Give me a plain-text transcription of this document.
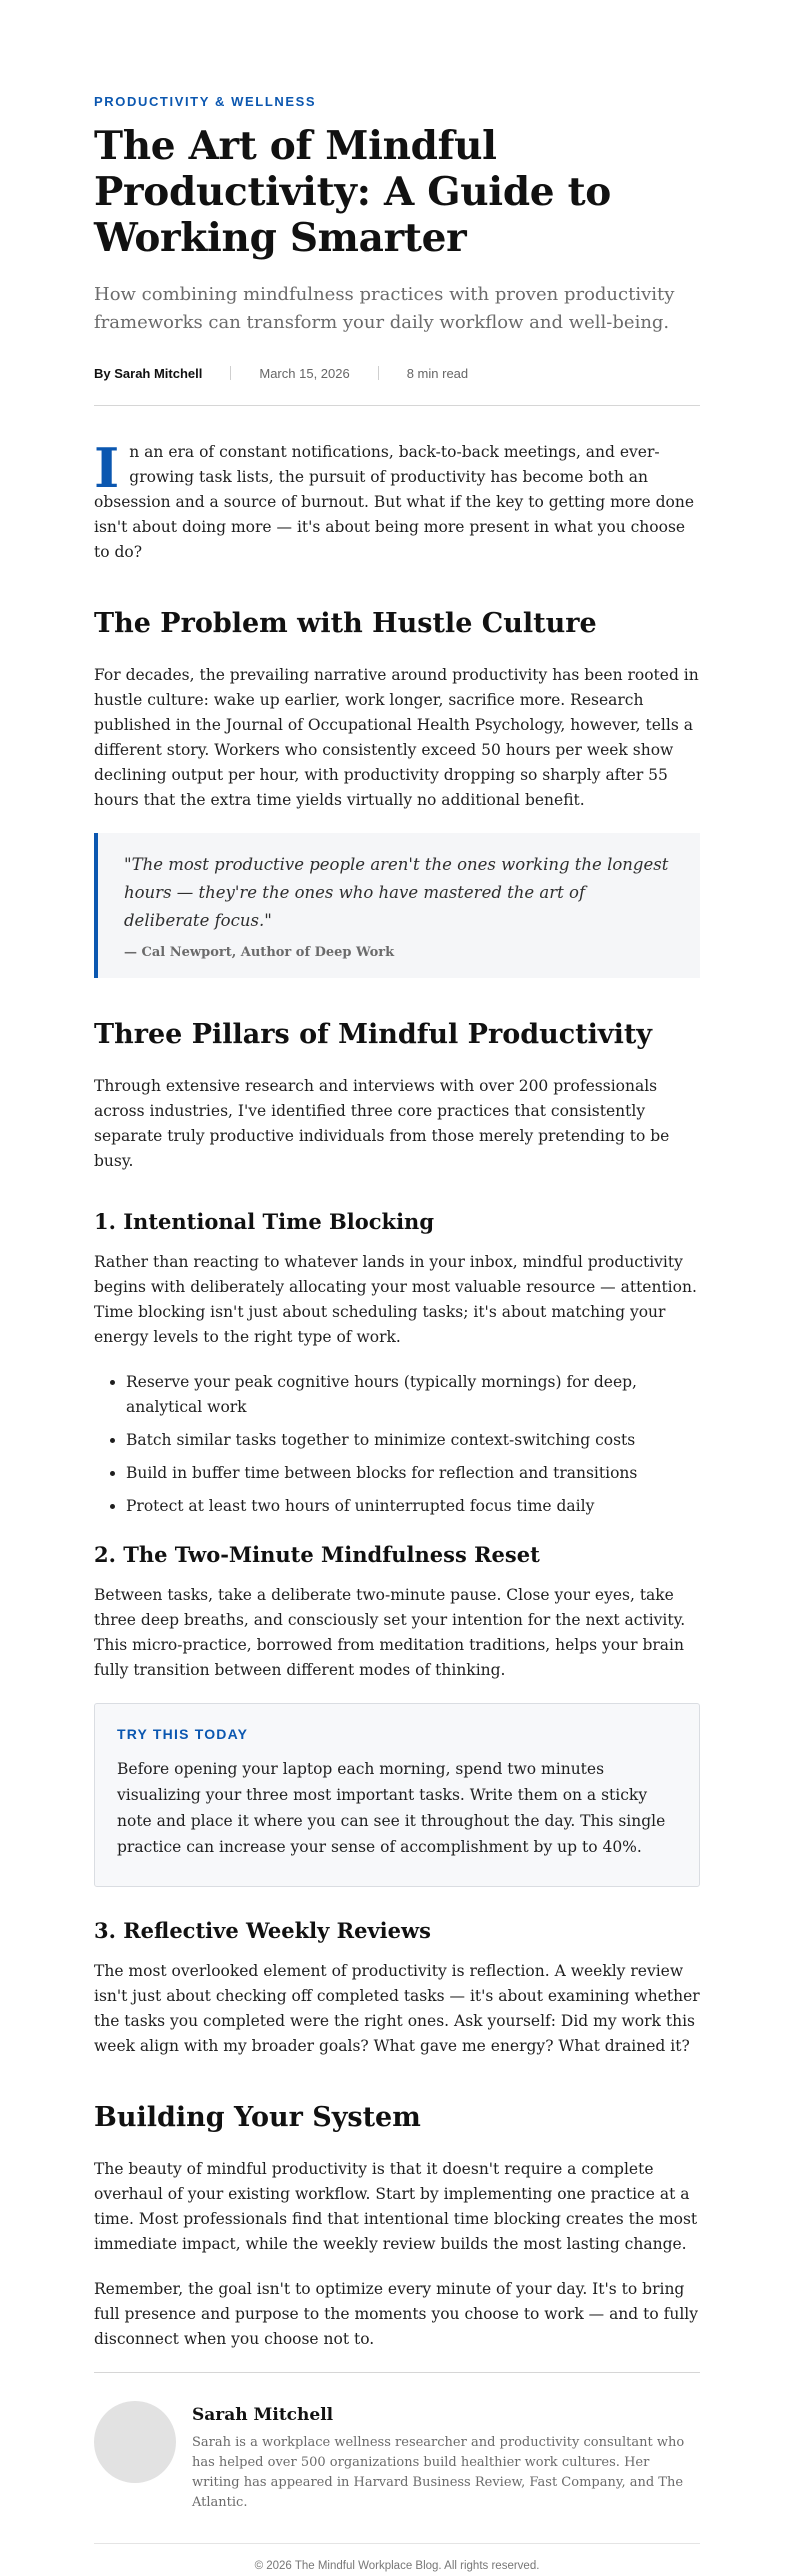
PRODUCTIVITY & WELLNESS
The Art of Mindful Productivity: A Guide to Working Smarter

How combining mindfulness practices with proven productivity frameworks can transform your daily workflow and well-being.

By Sarah Mitchell	March 15, 2026	8 min read

In an era of constant notifications, back-to-back meetings, and ever-growing task lists, the pursuit of productivity has become both an obsession and a source of burnout. But what if the key to getting more done isn't about doing more — it's about being more present in what you choose to do?

The Problem with Hustle Culture

For decades, the prevailing narrative around productivity has been rooted in hustle culture: wake up earlier, work longer, sacrifice more. Research published in the Journal of Occupational Health Psychology, however, tells a different story. Workers who consistently exceed 50 hours per week show declining output per hour, with productivity dropping so sharply after 55 hours that the extra time yields virtually no additional benefit.

"The most productive people aren't the ones working the longest hours — they're the ones who have mastered the art of deliberate focus."

— Cal Newport, Author of Deep Work

Three Pillars of Mindful Productivity

Through extensive research and interviews with over 200 professionals across industries, I've identified three core practices that consistently separate truly productive individuals from those merely pretending to be busy.

1. Intentional Time Blocking

Rather than reacting to whatever lands in your inbox, mindful productivity begins with deliberately allocating your most valuable resource — attention. Time blocking isn't just about scheduling tasks; it's about matching your energy levels to the right type of work.

• Reserve your peak cognitive hours (typically mornings) for deep, analytical work
• Batch similar tasks together to minimize context-switching costs
• Build in buffer time between blocks for reflection and transitions
• Protect at least two hours of uninterrupted focus time daily
2. The Two-Minute Mindfulness Reset

Between tasks, take a deliberate two-minute pause. Close your eyes, take three deep breaths, and consciously set your intention for the next activity. This micro-practice, borrowed from meditation traditions, helps your brain fully transition between different modes of thinking.

TRY THIS TODAY

Before opening your laptop each morning, spend two minutes visualizing your three most important tasks. Write them on a sticky note and place it where you can see it throughout the day. This single practice can increase your sense of accomplishment by up to 40%.

3. Reflective Weekly Reviews

The most overlooked element of productivity is reflection. A weekly review isn't just about checking off completed tasks — it's about examining whether the tasks you completed were the right ones. Ask yourself: Did my work this week align with my broader goals? What gave me energy? What drained it?

Building Your System

The beauty of mindful productivity is that it doesn't require a complete overhaul of your existing workflow. Start by implementing one practice at a time. Most professionals find that intentional time blocking creates the most immediate impact, while the weekly review builds the most lasting change.

Remember, the goal isn't to optimize every minute of your day. It's to bring full presence and purpose to the moments you choose to work — and to fully disconnect when you choose not to.

Sarah Mitchell

Sarah is a workplace wellness researcher and productivity consultant who has helped over 500 organizations build healthier work cultures. Her writing has appeared in Harvard Business Review, Fast Company, and The Atlantic.

© 2026 The Mindful Workplace Blog. All rights reserved.
